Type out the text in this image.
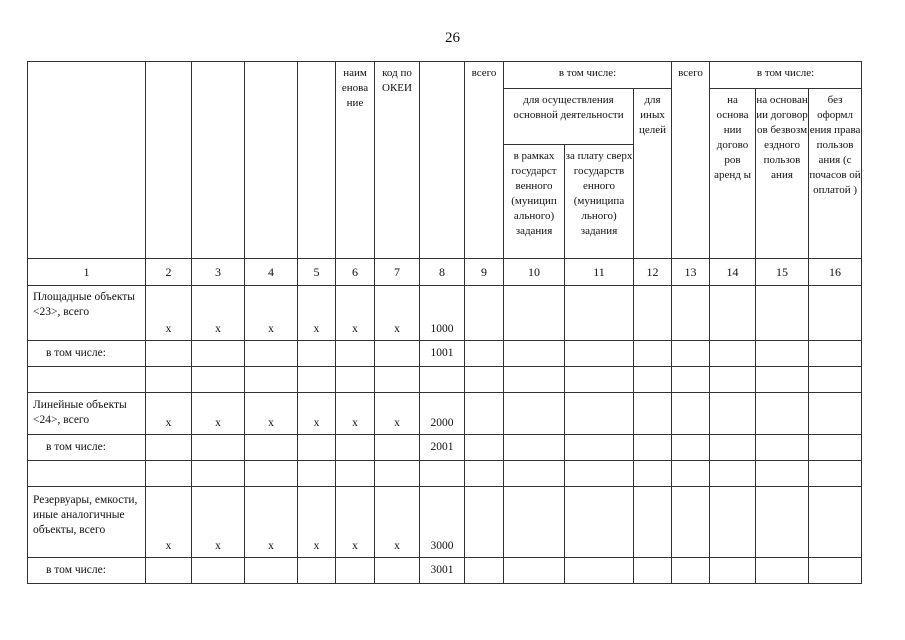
26
					наим енова ние	код по ОКЕИ		всего	в том числе:			всего	в том числе:		
									для осуществления основной деятельности		для иных целей		на основа нии догово ров аренд ы	на основан ии договор ов безвозм ездного пользов ания	без оформл ения права пользов ания (с почасов ой оплатой )
									в рамках государст венного (муницип ального) задания	за плату сверх государств енного (муниципа льного) задания					
1	2	3	4	5	6	7	8	9	10	11	12	13	14	15	16
Площадные объекты <23>, всего	х	х	х	х	х	х	1000								
в том числе:							1001								

Линейные объекты <24>, всего	х	х	х	х	х	х	2000								
в том числе:							2001								

Резервуары, емкости, иные аналогичные объекты, всего	х	х	х	х	х	х	3000								
в том числе:							3001								
